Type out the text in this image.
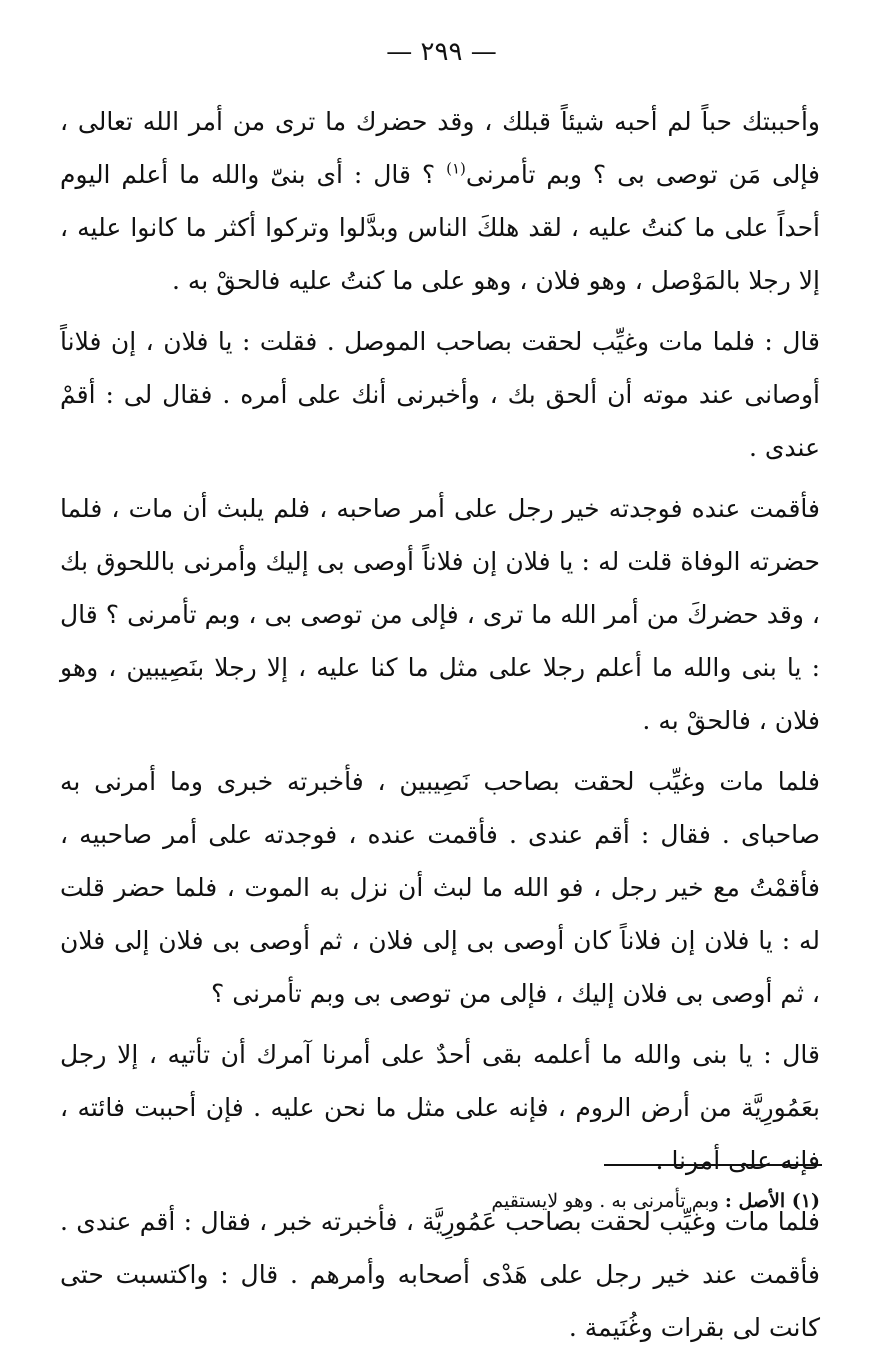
— ٢٩٩ —

وأحببتك حباً لم أحبه شيئاً قبلك ، وقد حضرك ما ترى من أمر الله تعالى ، فإلى مَن توصى بى ؟ وبم تأمرنى$^{(١)}$ ؟ قال : أى بنىّ والله ما أعلم اليوم أحداً على ما كنتُ عليه ، لقد هلكَ الناس وبدَّلوا وتركوا أكثر ما كانوا عليه ، إلا رجلا بالمَوْصل ، وهو فلان ، وهو على ما كنتُ عليه فالحقْ به .

قال : فلما مات وغيِّب لحقت بصاحب الموصل . فقلت : يا فلان ، إن فلاناً أوصانى عند موته أن ألحق بك ، وأخبرنى أنك على أمره . فقال لى : أقمْ عندى .

فأقمت عنده فوجدته خير رجل على أمر صاحبه ، فلم يلبث أن مات ، فلما حضرته الوفاة قلت له : يا فلان إن فلاناً أوصى بى إليك وأمرنى باللحوق بك ، وقد حضركَ من أمر الله ما ترى ، فإلى من توصى بى ، وبم تأمرنى ؟ قال : يا بنى والله ما أعلم رجلا على مثل ما كنا عليه ، إلا رجلا بنَصِيبين ، وهو فلان ، فالحقْ به .

فلما مات وغيِّب لحقت بصاحب نَصِيبين ، فأخبرته خبرى وما أمرنى به صاحباى . فقال : أقم عندى . فأقمت عنده ، فوجدته على أمر صاحبيه ، فأقمْتُ مع خير رجل ، فو الله ما لبث أن نزل به الموت ، فلما حضر قلت له : يا فلان إن فلاناً كان أوصى بى إلى فلان ، ثم أوصى بى فلان إلى فلان ، ثم أوصى بى فلان إليك ، فإلى من توصى بى وبم تأمرنى ؟

قال : يا بنى والله ما أعلمه بقى أحدٌ على أمرنا آمرك أن تأتيه ، إلا رجل بعَمُورِيَّة من أرض الروم ، فإنه على مثل ما نحن عليه . فإن أحببت فائته ، فإنه على أمرنا .

فلما مات وغيِّب لحقت بصاحب عَمُورِيَّة ، فأخبرته خبر ، فقال : أقم عندى . فأقمت عند خير رجل على هَدْى أصحابه وأمرهم . قال : واكتسبت حتى كانت لى بقرات وغُنَيمة .

(١) الأصل : وبم تأمرنى به . وهو لايستقيم
